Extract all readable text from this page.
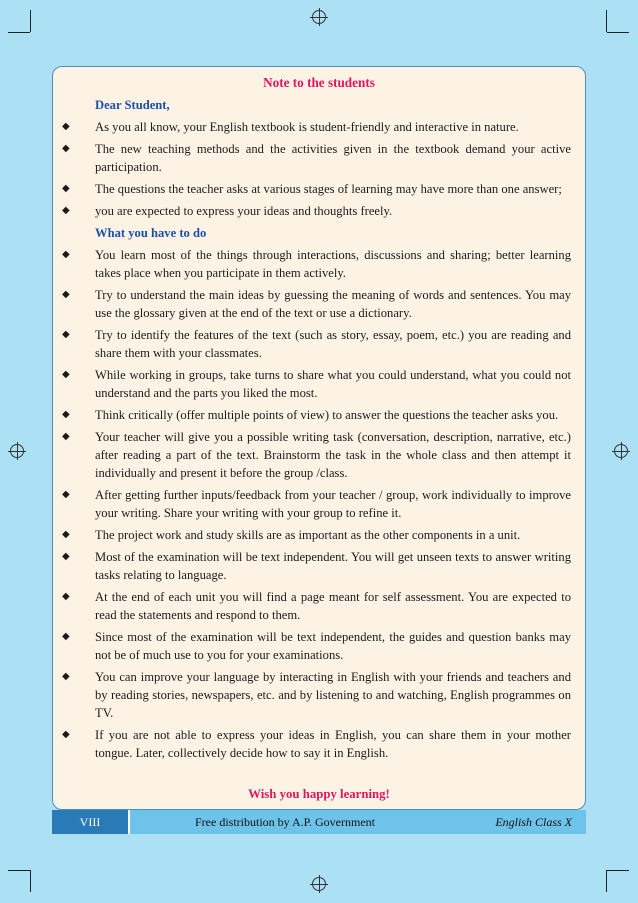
Note to the students
Dear Student,
◆ As you all know, your English textbook is student-friendly and interactive in nature.
◆ The new teaching methods and the activities given in the textbook demand your active participation.
◆ The questions the teacher asks at various stages of learning may have more than one answer;
◆ you are expected to express your ideas and thoughts freely.
What you have to do
◆ You learn most of the things through interactions, discussions and sharing; better learning takes place when you participate in them actively.
◆ Try to understand the main ideas by guessing the meaning of words and sentences. You may use the glossary given at the end of the text or use a dictionary.
◆ Try to identify the features of the text (such as story, essay, poem, etc.) you are reading and share them with your classmates.
◆ While working in groups, take turns to share what you could understand, what you could not understand and the parts you liked the most.
◆ Think critically (offer multiple points of view) to answer the questions the teacher asks you.
◆ Your teacher will give you a possible writing task (conversation, description, narrative, etc.) after reading a part of the text. Brainstorm the task in the whole class and then attempt it individually and present it before the group /class.
◆ After getting further inputs/feedback from your teacher / group, work individually to improve your writing. Share your writing with your group to refine it.
◆ The project work and study skills are as important as the other components in a unit.
◆ Most of the examination will be text independent. You will get unseen texts to answer writing tasks relating to language.
◆ At the end of each unit you will find a page meant for self assessment. You are expected to read the statements and respond to them.
◆ Since most of the examination will be text independent, the guides and question banks may not be of much use to you for your examinations.
◆ You can improve your language by interacting in English with your friends and teachers and by reading stories, newspapers, etc. and by listening to and watching, English programmes on TV.
◆ If you are not able to express your ideas in English, you can share them in your mother tongue. Later, collectively decide how to say it in English.
Wish you happy learning!
VIII	Free distribution by A.P. Government	English Class X
